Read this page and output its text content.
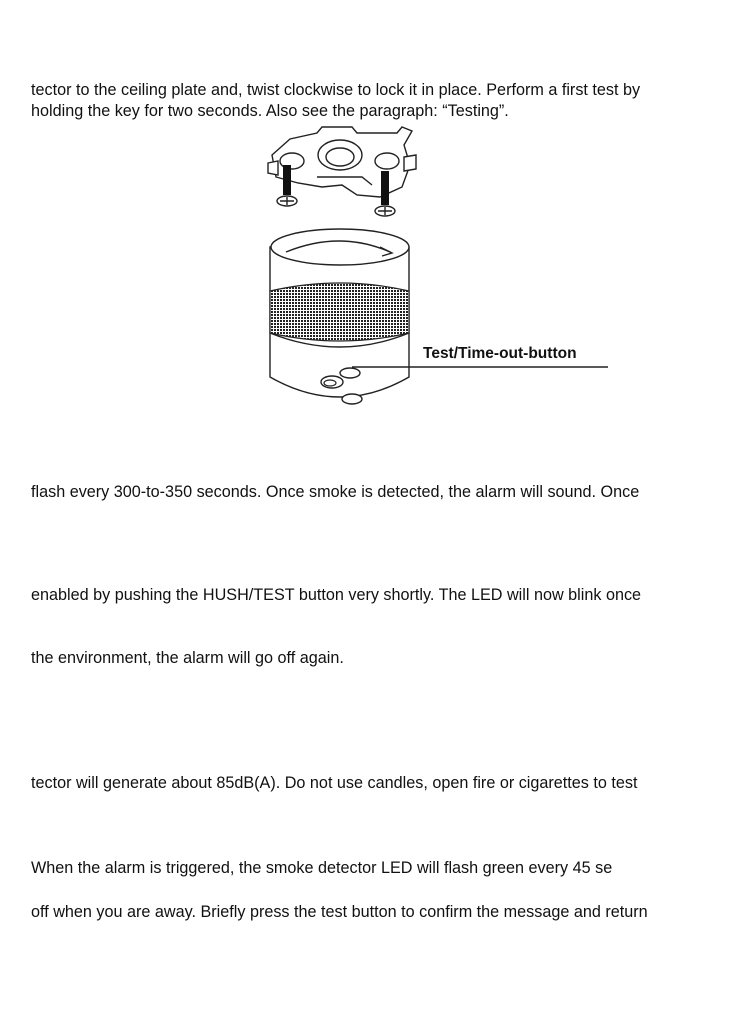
tector to the ceiling plate and, twist clockwise to lock it in place. Perform a first test by
holding the key for two seconds. Also see the paragraph: “Testing”.
Test/Time-out-button
flash every 300-to-350 seconds. Once smoke is detected, the alarm will sound. Once
enabled by pushing the HUSH/TEST button very shortly. The LED will now blink once
the environment, the alarm will go off again.
tector will generate about 85dB(A). Do not use candles, open fire or cigarettes to test
When the alarm is triggered, the smoke detector LED will flash green every 45 se
off when you are away. Briefly press the test button to confirm the message and return
